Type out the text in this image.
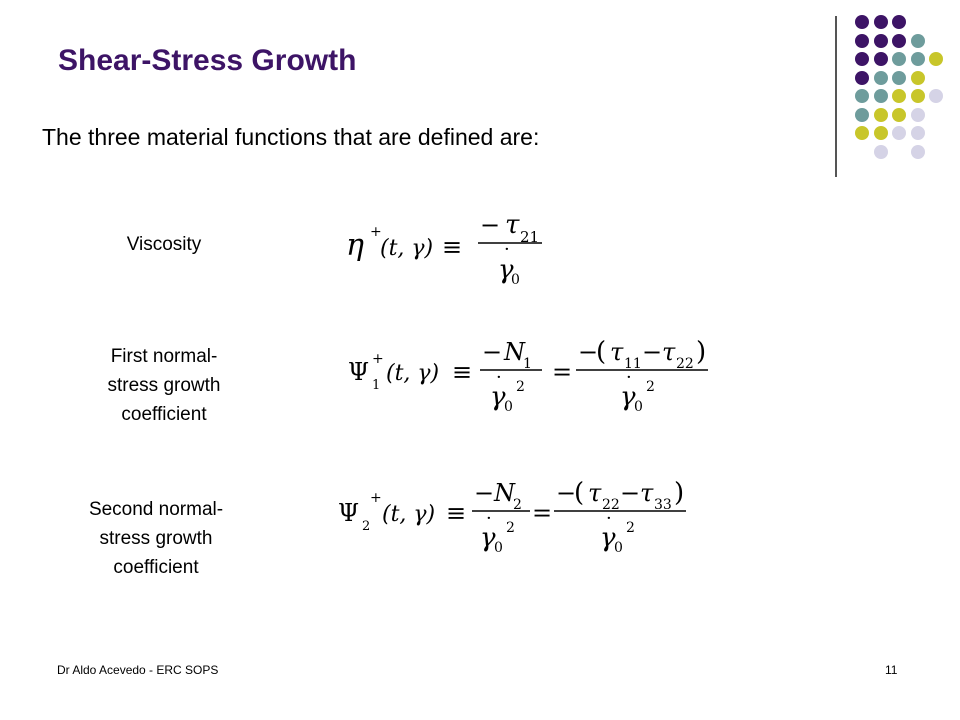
Shear-Stress Growth
The three material functions that are defined are:
Viscosity
First normal-
stress growth
coefficient
Second normal-
stress growth
coefficient
η +
(t, γ) ≡
− τ 21
γ
·
0
Ψ +
1 (t, γ) ≡
− N
1
γ
·
0
2
=
−
( τ 11 − τ 22 )
γ
·
0
2
Ψ
+
2 (t, γ) ≡
− N
2
γ
·
0
2
=
−
( τ 22 − τ 33 )
γ
·
0
2
Dr Aldo Acevedo - ERC SOPS	11
